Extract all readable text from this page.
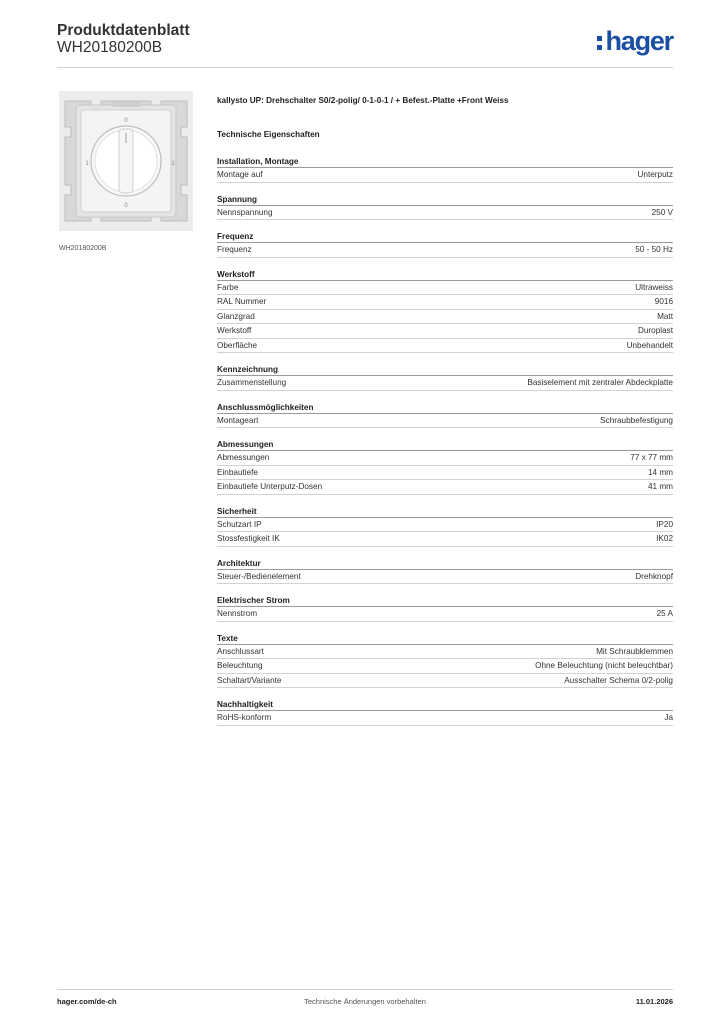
Produktdatenblatt
WH20180200B	hager
0
1	1
0
WH20180200B
kallysto UP: Drehschalter S0/2-polig/ 0-1-0-1 / + Befest.-Platte +Front Weiss
Technische Eigenschaften
Installation, Montage
Montage auf	Unterputz
Spannung
Nennspannung	250 V
Frequenz
Frequenz	50 - 50 Hz
Werkstoff
Farbe	Ultraweiss
RAL Nummer	9016
Glanzgrad	Matt
Werkstoff	Duroplast
Oberfläche	Unbehandelt
Kennzeichnung
Zusammenstellung	Basiselement mit zentraler Abdeckplatte
Anschlussmöglichkeiten
Montageart	Schraubbefestigung
Abmessungen
Abmessungen	77 x 77 mm
Einbautiefe	14 mm
Einbautiefe Unterputz-Dosen	41 mm
Sicherheit
Schutzart IP	IP20
Stossfestigkeit IK	IK02
Architektur
Steuer-/Bedienelement	Drehknopf
Elektrischer Strom
Nennstrom	25 A
Texte
Anschlussart	Mit Schraubklemmen
Beleuchtung	Ohne Beleuchtung (nicht beleuchtbar)
Schaltart/Variante	Ausschalter Schema 0/2-polig
Nachhaltigkeit
RoHS-konform	Ja
hager.com/de-ch	Technische Änderungen vorbehalten	11.01.2026
